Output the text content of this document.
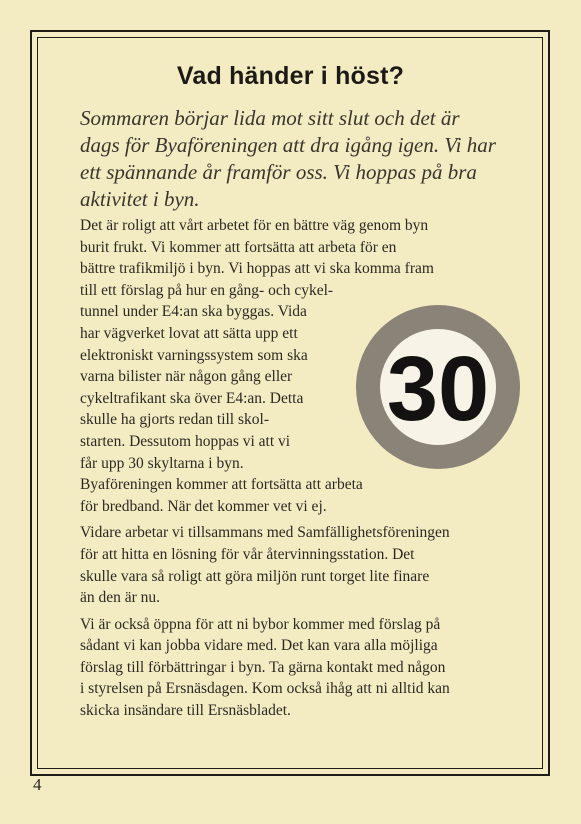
Vad händer i höst?
Sommaren börjar lida mot sitt slut och det är
dags för Byaföreningen att dra igång igen. Vi har
ett spännande år framför oss. Vi hoppas på bra
aktivitet i byn.
Det är roligt att vårt arbetet för en bättre väg genom byn
burit frukt. Vi kommer att fortsätta att arbeta för en
bättre trafikmiljö i byn. Vi hoppas att vi ska komma fram
till ett förslag på hur en gång- och cykel-
tunnel under E4:an ska byggas. Vida
har vägverket lovat att sätta upp ett
elektroniskt varningssystem som ska
varna bilister när någon gång eller
cykeltrafikant ska över E4:an. Detta
skulle ha gjorts redan till skol-
starten. Dessutom hoppas vi att vi
får upp 30 skyltarna i byn.
Byaföreningen kommer att fortsätta att arbeta
för bredband. När det kommer vet vi ej.
Vidare arbetar vi tillsammans med Samfällighetsföreningen
för att hitta en lösning för vår återvinningsstation. Det
skulle vara så roligt att göra miljön runt torget lite finare
än den är nu.
Vi är också öppna för att ni bybor kommer med förslag på
sådant vi kan jobba vidare med. Det kan vara alla möjliga
förslag till förbättringar i byn. Ta gärna kontakt med någon
i styrelsen på Ersnäsdagen. Kom också ihåg att ni alltid kan
skicka insändare till Ersnäsbladet.
30
4
